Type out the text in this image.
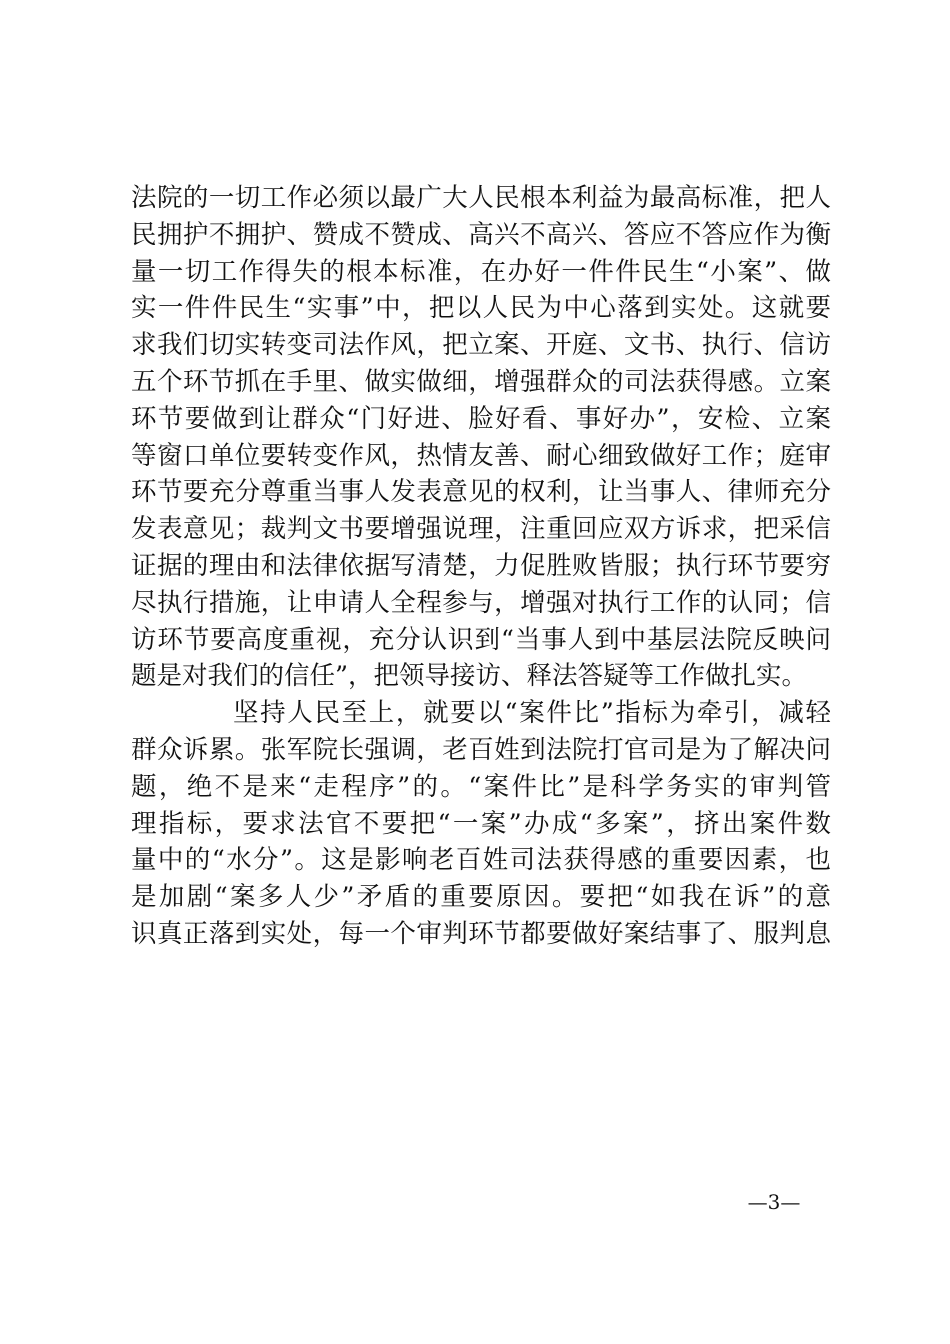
法院的一切工作必须以最广大人民根本利益为最高标准，把人
民拥护不拥护、赞成不赞成、高兴不高兴、答应不答应作为衡
量一切工作得失的根本标准，在办好一件件民生“小案”、做
实一件件民生“实事”中，把以人民为中心落到实处。这就要
求我们切实转变司法作风，把立案、开庭、文书、执行、信访
五个环节抓在手里、做实做细，增强群众的司法获得感。立案
环节要做到让群众“门好进、脸好看、事好办”，安检、立案
等窗口单位要转变作风，热情友善、耐心细致做好工作；庭审
环节要充分尊重当事人发表意见的权利，让当事人、律师充分
发表意见；裁判文书要增强说理，注重回应双方诉求，把采信
证据的理由和法律依据写清楚，力促胜败皆服；执行环节要穷
尽执行措施，让申请人全程参与，增强对执行工作的认同；信
访环节要高度重视，充分认识到“当事人到中基层法院反映问
题是对我们的信任”，把领导接访、释法答疑等工作做扎实。
坚持人民至上，就要以“案件比”指标为牵引，减轻
群众诉累。张军院长强调，老百姓到法院打官司是为了解决问
题，绝不是来“走程序”的。“案件比”是科学务实的审判管
理指标，要求法官不要把“一案”办成“多案”，挤出案件数
量中的“水分”。这是影响老百姓司法获得感的重要因素，也
是加剧“案多人少”矛盾的重要原因。要把“如我在诉”的意
识真正落到实处，每一个审判环节都要做好案结事了、服判息
—3—
